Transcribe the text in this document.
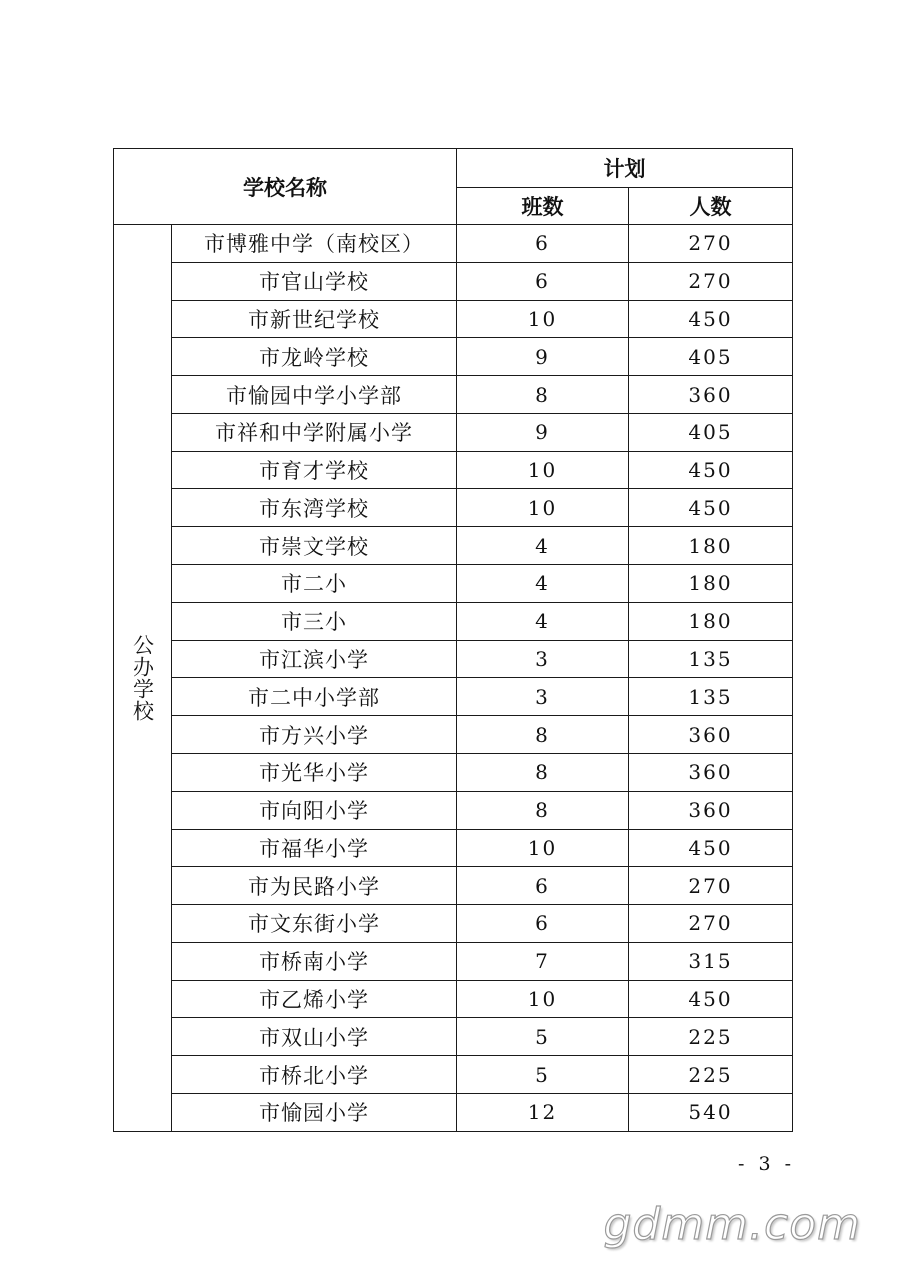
学校名称		计划	
		班数	人数
公办学校	市博雅中学（南校区）	6	270
	市官山学校	6	270
	市新世纪学校	10	450
	市龙岭学校	9	405
	市愉园中学小学部	8	360
	市祥和中学附属小学	9	405
	市育才学校	10	450
	市东湾学校	10	450
	市崇文学校	4	180
	市二小	4	180
	市三小	4	180
	市江滨小学	3	135
	市二中小学部	3	135
	市方兴小学	8	360
	市光华小学	8	360
	市向阳小学	8	360
	市福华小学	10	450
	市为民路小学	6	270
	市文东街小学	6	270
	市桥南小学	7	315
	市乙烯小学	10	450
	市双山小学	5	225
	市桥北小学	5	225
	市愉园小学	12	540
- 3 -
gdmm.com
